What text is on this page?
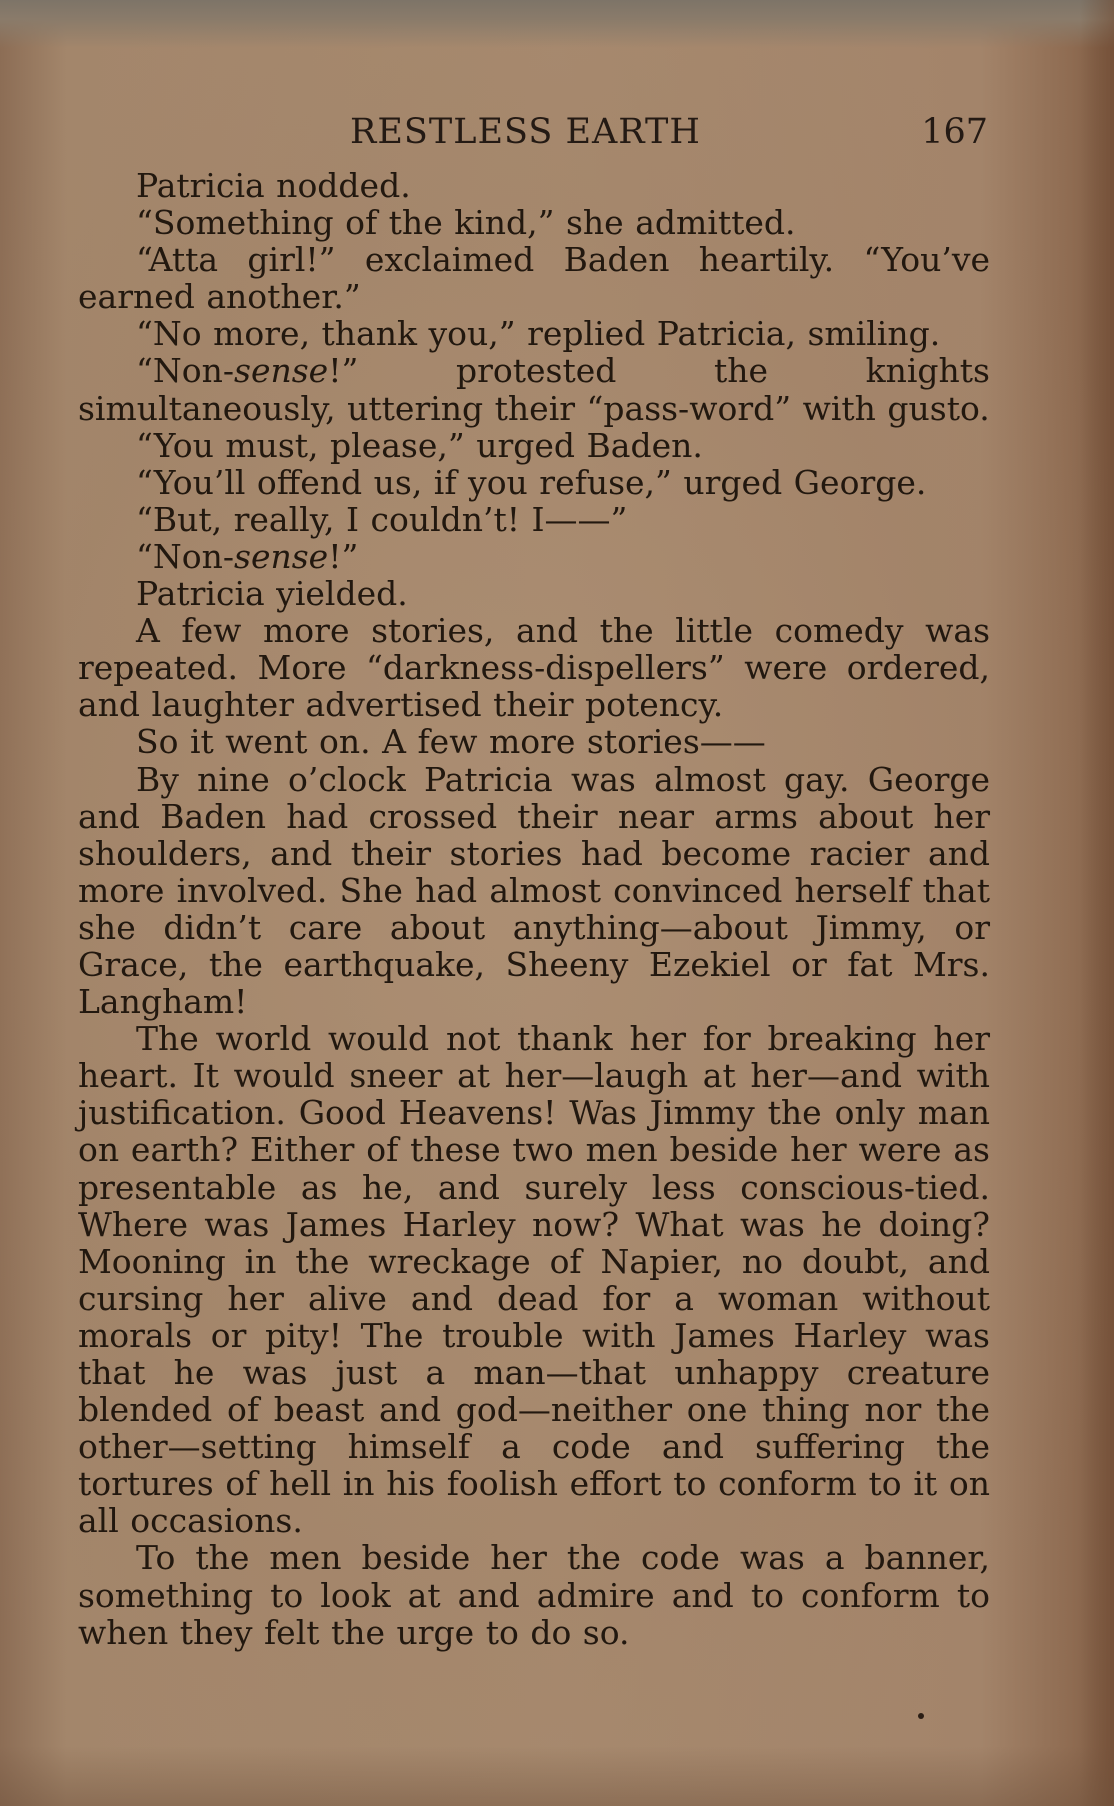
RESTLESS EARTH	167

Patricia nodded.

“Something of the kind,” she admitted.

“Atta girl!” exclaimed Baden heartily. “You’ve earned another.”

“No more, thank you,” replied Patricia, smiling.

“Non-sense!” protested the knights simultaneously, uttering their “pass-word” with gusto.

“You must, please,” urged Baden.

“You’ll offend us, if you refuse,” urged George.

“But, really, I couldn’t! I——”

“Non-sense!”

Patricia yielded.

A few more stories, and the little comedy was repeated. More “darkness-dispellers” were ordered, and laughter advertised their potency.

So it went on. A few more stories——

By nine o’clock Patricia was almost gay. George and Baden had crossed their near arms about her shoulders, and their stories had become racier and more involved. She had almost convinced herself that she didn’t care about anything—about Jimmy, or Grace, the earthquake, Sheeny Ezekiel or fat Mrs. Langham!

The world would not thank her for breaking her heart. It would sneer at her—laugh at her—and with justification. Good Heavens! Was Jimmy the only man on earth? Either of these two men beside her were as presentable as he, and surely less conscious-tied. Where was James Harley now? What was he doing? Mooning in the wreckage of Napier, no doubt, and cursing her alive and dead for a woman without morals or pity! The trouble with James Harley was that he was just a man—that unhappy creature blended of beast and god—neither one thing nor the other—setting himself a code and suffering the tortures of hell in his foolish effort to conform to it on all occasions.

To the men beside her the code was a banner, something to look at and admire and to conform to when they felt the urge to do so.
